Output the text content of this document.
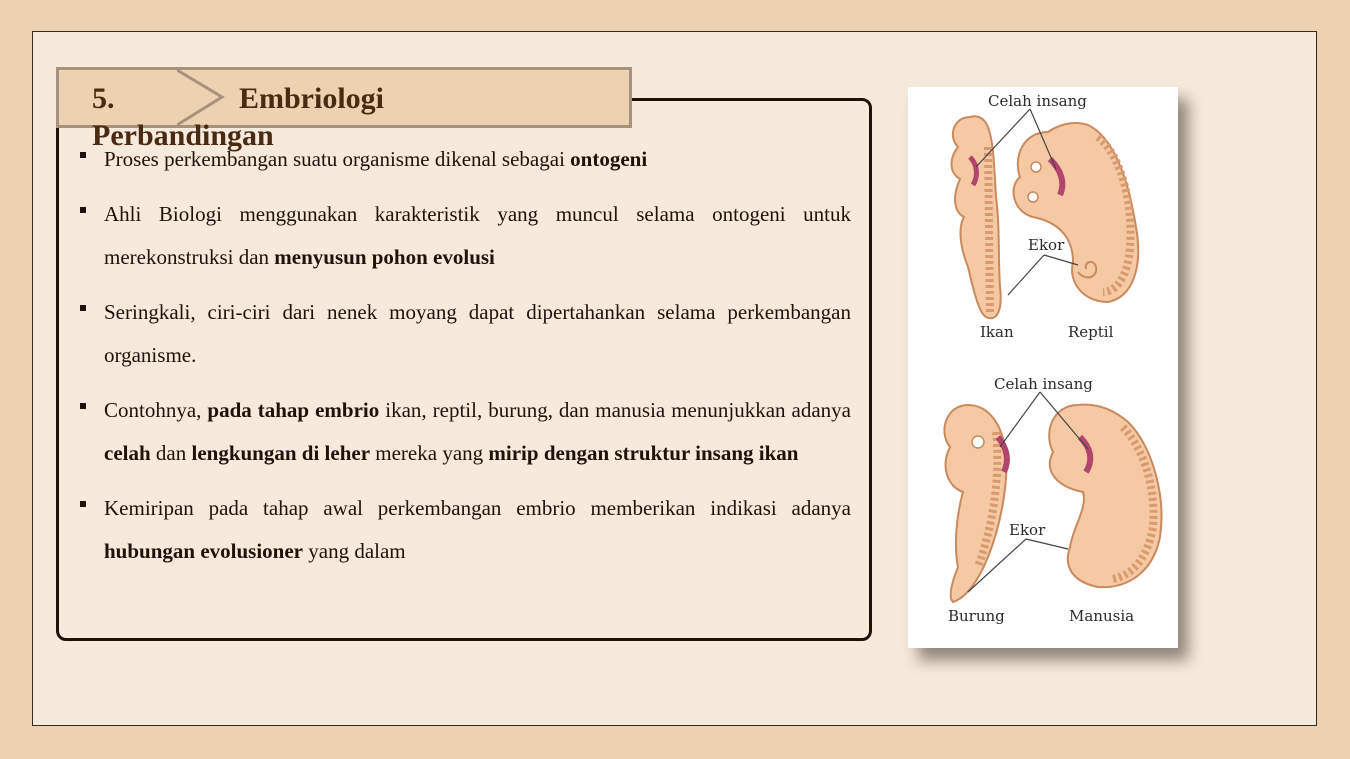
5.	Embriologi
Perbandingan
Proses perkembangan suatu organisme dikenal sebagai ontogeni
Ahli Biologi menggunakan karakteristik yang muncul selama ontogeni untuk merekonstruksi dan menyusun pohon evolusi
Seringkali, ciri-ciri dari nenek moyang dapat dipertahankan selama perkembangan organisme.
Contohnya, pada tahap embrio ikan, reptil, burung, dan manusia menunjukkan adanya celah dan lengkungan di leher mereka yang mirip dengan struktur insang ikan
Kemiripan pada tahap awal perkembangan embrio memberikan indikasi adanya hubungan evolusioner yang dalam
Celah insang
Ekor
Ikan	Reptil
Celah insang
Ekor
Burung	Manusia
